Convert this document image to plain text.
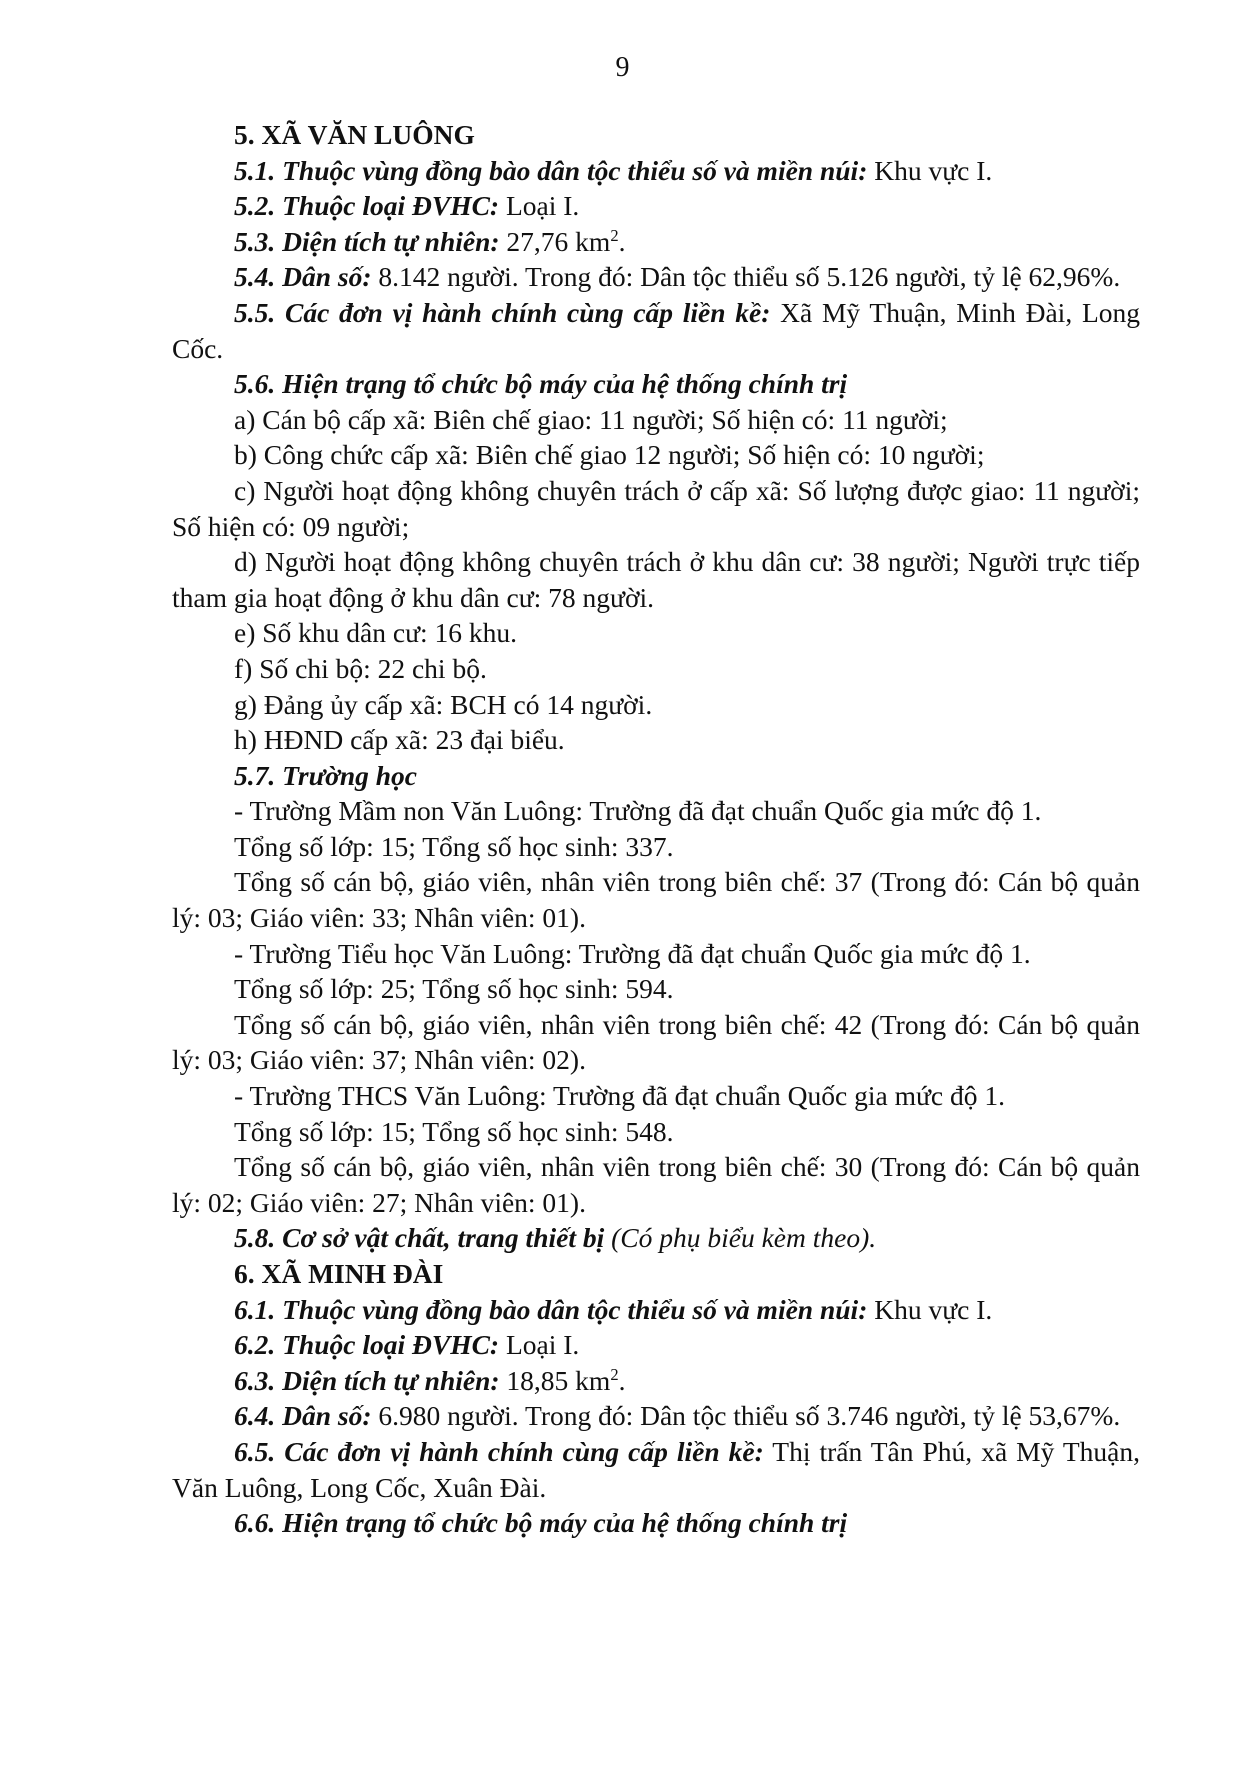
9

5. XÃ VĂN LUÔNG

5.1. Thuộc vùng đồng bào dân tộc thiểu số và miền núi: Khu vực I.

5.2. Thuộc loại ĐVHC: Loại I.

5.3. Diện tích tự nhiên: 27,76 $km^2$.

5.4. Dân số: 8.142 người. Trong đó: Dân tộc thiểu số 5.126 người, tỷ lệ 62,96%.

5.5. Các đơn vị hành chính cùng cấp liền kề: Xã Mỹ Thuận, Minh Đài, Long Cốc.

5.6. Hiện trạng tổ chức bộ máy của hệ thống chính trị

a) Cán bộ cấp xã: Biên chế giao: 11 người; Số hiện có: 11 người;

b) Công chức cấp xã: Biên chế giao 12 người; Số hiện có: 10 người;

c) Người hoạt động không chuyên trách ở cấp xã: Số lượng được giao: 11 người; Số hiện có: 09 người;

d) Người hoạt động không chuyên trách ở khu dân cư: 38 người; Người trực tiếp tham gia hoạt động ở khu dân cư: 78 người.

e) Số khu dân cư: 16 khu.

f) Số chi bộ: 22 chi bộ.

g) Đảng ủy cấp xã: BCH có 14 người.

h) HĐND cấp xã: 23 đại biểu.

5.7. Trường học

- Trường Mầm non Văn Luông: Trường đã đạt chuẩn Quốc gia mức độ 1.

Tổng số lớp: 15; Tổng số học sinh: 337.

Tổng số cán bộ, giáo viên, nhân viên trong biên chế: 37 (Trong đó: Cán bộ quản lý: 03; Giáo viên: 33; Nhân viên: 01).

- Trường Tiểu học Văn Luông: Trường đã đạt chuẩn Quốc gia mức độ 1.

Tổng số lớp: 25; Tổng số học sinh: 594.

Tổng số cán bộ, giáo viên, nhân viên trong biên chế: 42 (Trong đó: Cán bộ quản lý: 03; Giáo viên: 37; Nhân viên: 02).

- Trường THCS Văn Luông: Trường đã đạt chuẩn Quốc gia mức độ 1.

Tổng số lớp: 15; Tổng số học sinh: 548.

Tổng số cán bộ, giáo viên, nhân viên trong biên chế: 30 (Trong đó: Cán bộ quản lý: 02; Giáo viên: 27; Nhân viên: 01).

5.8. Cơ sở vật chất, trang thiết bị (Có phụ biểu kèm theo).

6. XÃ MINH ĐÀI

6.1. Thuộc vùng đồng bào dân tộc thiểu số và miền núi: Khu vực I.

6.2. Thuộc loại ĐVHC: Loại I.

6.3. Diện tích tự nhiên: 18,85 $km^2$.

6.4. Dân số: 6.980 người. Trong đó: Dân tộc thiểu số 3.746 người, tỷ lệ 53,67%.

6.5. Các đơn vị hành chính cùng cấp liền kề: Thị trấn Tân Phú, xã Mỹ Thuận, Văn Luông, Long Cốc, Xuân Đài.

6.6. Hiện trạng tổ chức bộ máy của hệ thống chính trị
